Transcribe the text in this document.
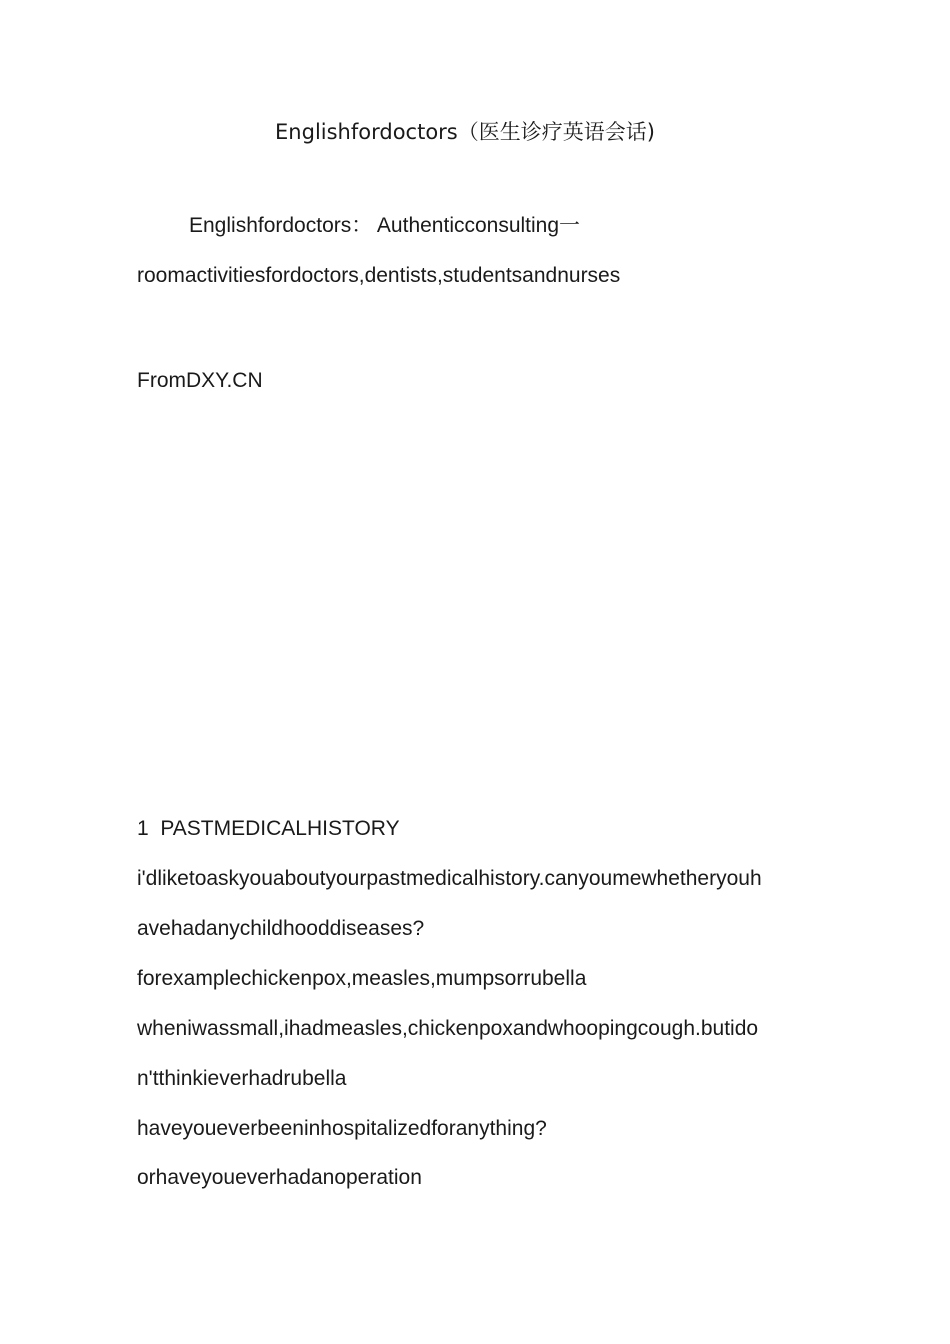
Englishfordoctors（医生诊疗英语会话)
Englishfordoctors： Authenticconsulting一
roomactivitiesfordoctors,dentists,studentsandnurses
FromDXY.CN
1  PASTMEDICALHISTORY
i'dliketoaskyouaboutyourpastmedicalhistory.canyoumewhetheryouh
avehadanychildhooddiseases?
forexamplechickenpox,measles,mumpsorrubella
wheniwassmall,ihadmeasles,chickenpoxandwhoopingcough.butido
n'tthinkieverhadrubella
haveyoueverbeeninhospitalizedforanything?
orhaveyoueverhadanoperation
